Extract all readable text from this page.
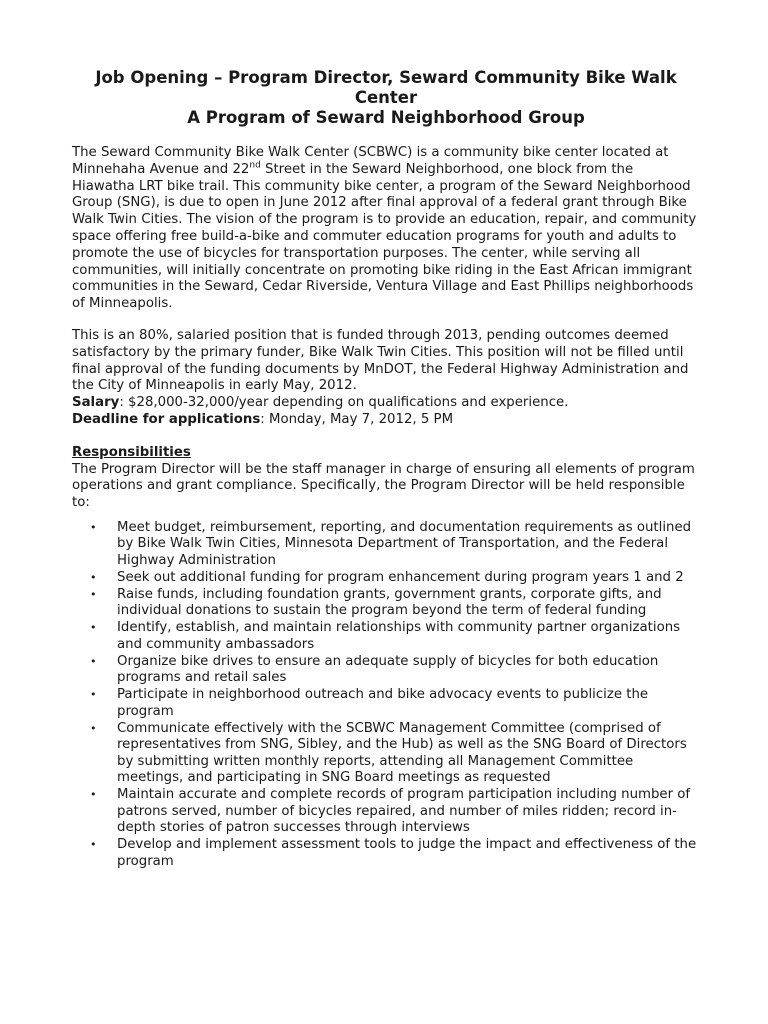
Job Opening – Program Director, Seward Community Bike Walk Center
A Program of Seward Neighborhood Group

The Seward Community Bike Walk Center (SCBWC) is a community bike center located at Minnehaha Avenue and 22nd Street in the Seward Neighborhood, one block from the Hiawatha LRT bike trail. This community bike center, a program of the Seward Neighborhood Group (SNG), is due to open in June 2012 after final approval of a federal grant through Bike Walk Twin Cities. The vision of the program is to provide an education, repair, and community space offering free build-a-bike and commuter education programs for youth and adults to promote the use of bicycles for transportation purposes. The center, while serving all communities, will initially concentrate on promoting bike riding in the East African immigrant communities in the Seward, Cedar Riverside, Ventura Village and East Phillips neighborhoods of Minneapolis.

This is an 80%, salaried position that is funded through 2013, pending outcomes deemed satisfactory by the primary funder, Bike Walk Twin Cities. This position will not be filled until final approval of the funding documents by MnDOT, the Federal Highway Administration and the City of Minneapolis in early May, 2012.

Salary: $28,000-32,000/year depending on qualifications and experience.

Deadline for applications: Monday, May 7, 2012, 5 PM

Responsibilities

The Program Director will be the staff manager in charge of ensuring all elements of program operations and grant compliance. Specifically, the Program Director will be held responsible to:

• Meet budget, reimbursement, reporting, and documentation requirements as outlined by Bike Walk Twin Cities, Minnesota Department of Transportation, and the Federal Highway Administration
• Seek out additional funding for program enhancement during program years 1 and 2
• Raise funds, including foundation grants, government grants, corporate gifts, and individual donations to sustain the program beyond the term of federal funding
• Identify, establish, and maintain relationships with community partner organizations and community ambassadors
• Organize bike drives to ensure an adequate supply of bicycles for both education programs and retail sales
• Participate in neighborhood outreach and bike advocacy events to publicize the program
• Communicate effectively with the SCBWC Management Committee (comprised of representatives from SNG, Sibley, and the Hub) as well as the SNG Board of Directors by submitting written monthly reports, attending all Management Committee meetings, and participating in SNG Board meetings as requested
• Maintain accurate and complete records of program participation including number of patrons served, number of bicycles repaired, and number of miles ridden; record in-depth stories of patron successes through interviews
• Develop and implement assessment tools to judge the impact and effectiveness of the program
